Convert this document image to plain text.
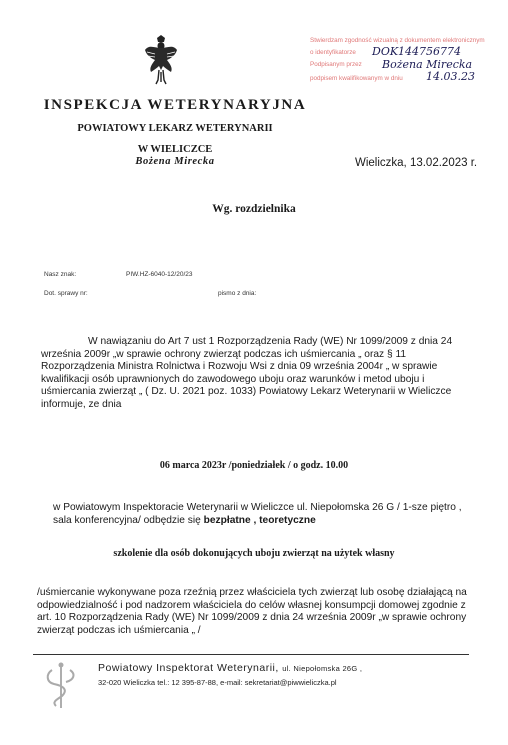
Stwierdzam zgodność wizualną z dokumentem elektronicznym
o identyfikatorze DOK144756774
Podpisanym przez Bożena Mirecka
podpisem kwalifikowanym w dniu 14.03.23
INSPEKCJA WETERYNARYJNA
POWIATOWY LEKARZ WETERYNARII
W WIELICZCE
Bożena Mirecka	Wieliczka, 13.02.2023 r.
Wg. rozdzielnika
Nasz znak:	PIW.HZ-6040-12/20/23
Dot. sprawy nr:	pismo z dnia:
W nawiązaniu do Art 7 ust 1 Rozporządzenia Rady (WE) Nr 1099/2009 z dnia 24
września 2009r „w sprawie ochrony zwierząt podczas ich uśmiercania „ oraz § 11
Rozporządzenia Ministra Rolnictwa i Rozwoju Wsi z dnia 09 września 2004r „ w sprawie
kwalifikacji osób uprawnionych do zawodowego uboju oraz warunków i metod uboju i
uśmiercania zwierząt „ ( Dz. U. 2021 poz. 1033) Powiatowy Lekarz Weterynarii w Wieliczce
informuje, ze dnia
06 marca 2023r /poniedziałek / o godz. 10.00
w Powiatowym Inspektoracie Weterynarii w Wieliczce ul. Niepołomska 26 G / 1-sze piętro ,
sala konferencyjna/ odbędzie się bezpłatne , teoretyczne
szkolenie dla osób dokonujących uboju zwierząt na użytek własny
/uśmiercanie wykonywane poza rzeźnią przez właściciela tych zwierząt lub osobę działającą na
odpowiedzialność i pod nadzorem właściciela do celów własnej konsumpcji domowej zgodnie z
art. 10 Rozporządzenia Rady (WE) Nr 1099/2009 z dnia 24 września 2009r „w sprawie ochrony
zwierząt podczas ich uśmiercania „ /
Powiatowy Inspektorat Weterynarii, ul. Niepołomska 26G ,
32-020 Wieliczka tel.: 12 395-87-88, e-mail: sekretariat@piwwieliczka.pl
